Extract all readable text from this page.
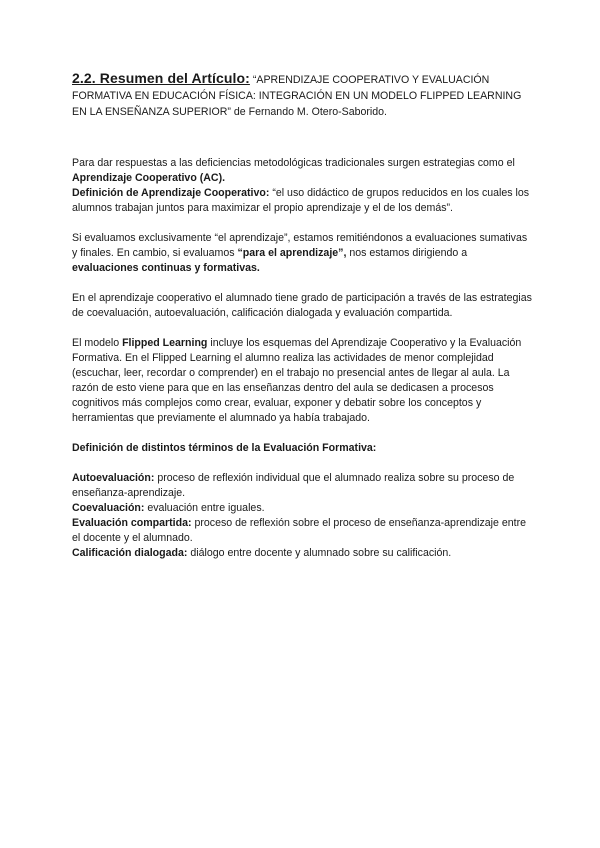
2.2. Resumen del Artículo: “APRENDIZAJE COOPERATIVO Y EVALUACIÓN FORMATIVA EN EDUCACIÓN FÍSICA: INTEGRACIÓN EN UN MODELO FLIPPED LEARNING EN LA ENSEÑANZA SUPERIOR” de Fernando M. Otero-Saborido.

Para dar respuestas a las deficiencias metodológicas tradicionales surgen estrategias como el Aprendizaje Cooperativo (AC).

Definición de Aprendizaje Cooperativo: “el uso didáctico de grupos reducidos en los cuales los alumnos trabajan juntos para maximizar el propio aprendizaje y el de los demás”.

Si evaluamos exclusivamente “el aprendizaje”, estamos remitiéndonos a evaluaciones sumativas y finales. En cambio, si evaluamos “para el aprendizaje”, nos estamos dirigiendo a evaluaciones continuas y formativas.

En el aprendizaje cooperativo el alumnado tiene grado de participación a través de las estrategias de coevaluación, autoevaluación, calificación dialogada y evaluación compartida.

El modelo Flipped Learning incluye los esquemas del Aprendizaje Cooperativo y la Evaluación Formativa. En el Flipped Learning el alumno realiza las actividades de menor complejidad (escuchar, leer, recordar o comprender) en el trabajo no presencial antes de llegar al aula. La razón de esto viene para que en las enseñanzas dentro del aula se dedicasen a procesos cognitivos más complejos como crear, evaluar, exponer y debatir sobre los conceptos y herramientas que previamente el alumnado ya había trabajado.

Definición de distintos términos de la Evaluación Formativa:

Autoevaluación: proceso de reflexión individual que el alumnado realiza sobre su proceso de enseñanza-aprendizaje.

Coevaluación: evaluación entre iguales.

Evaluación compartida: proceso de reflexión sobre el proceso de enseñanza-aprendizaje entre el docente y el alumnado.

Calificación dialogada: diálogo entre docente y alumnado sobre su calificación.
